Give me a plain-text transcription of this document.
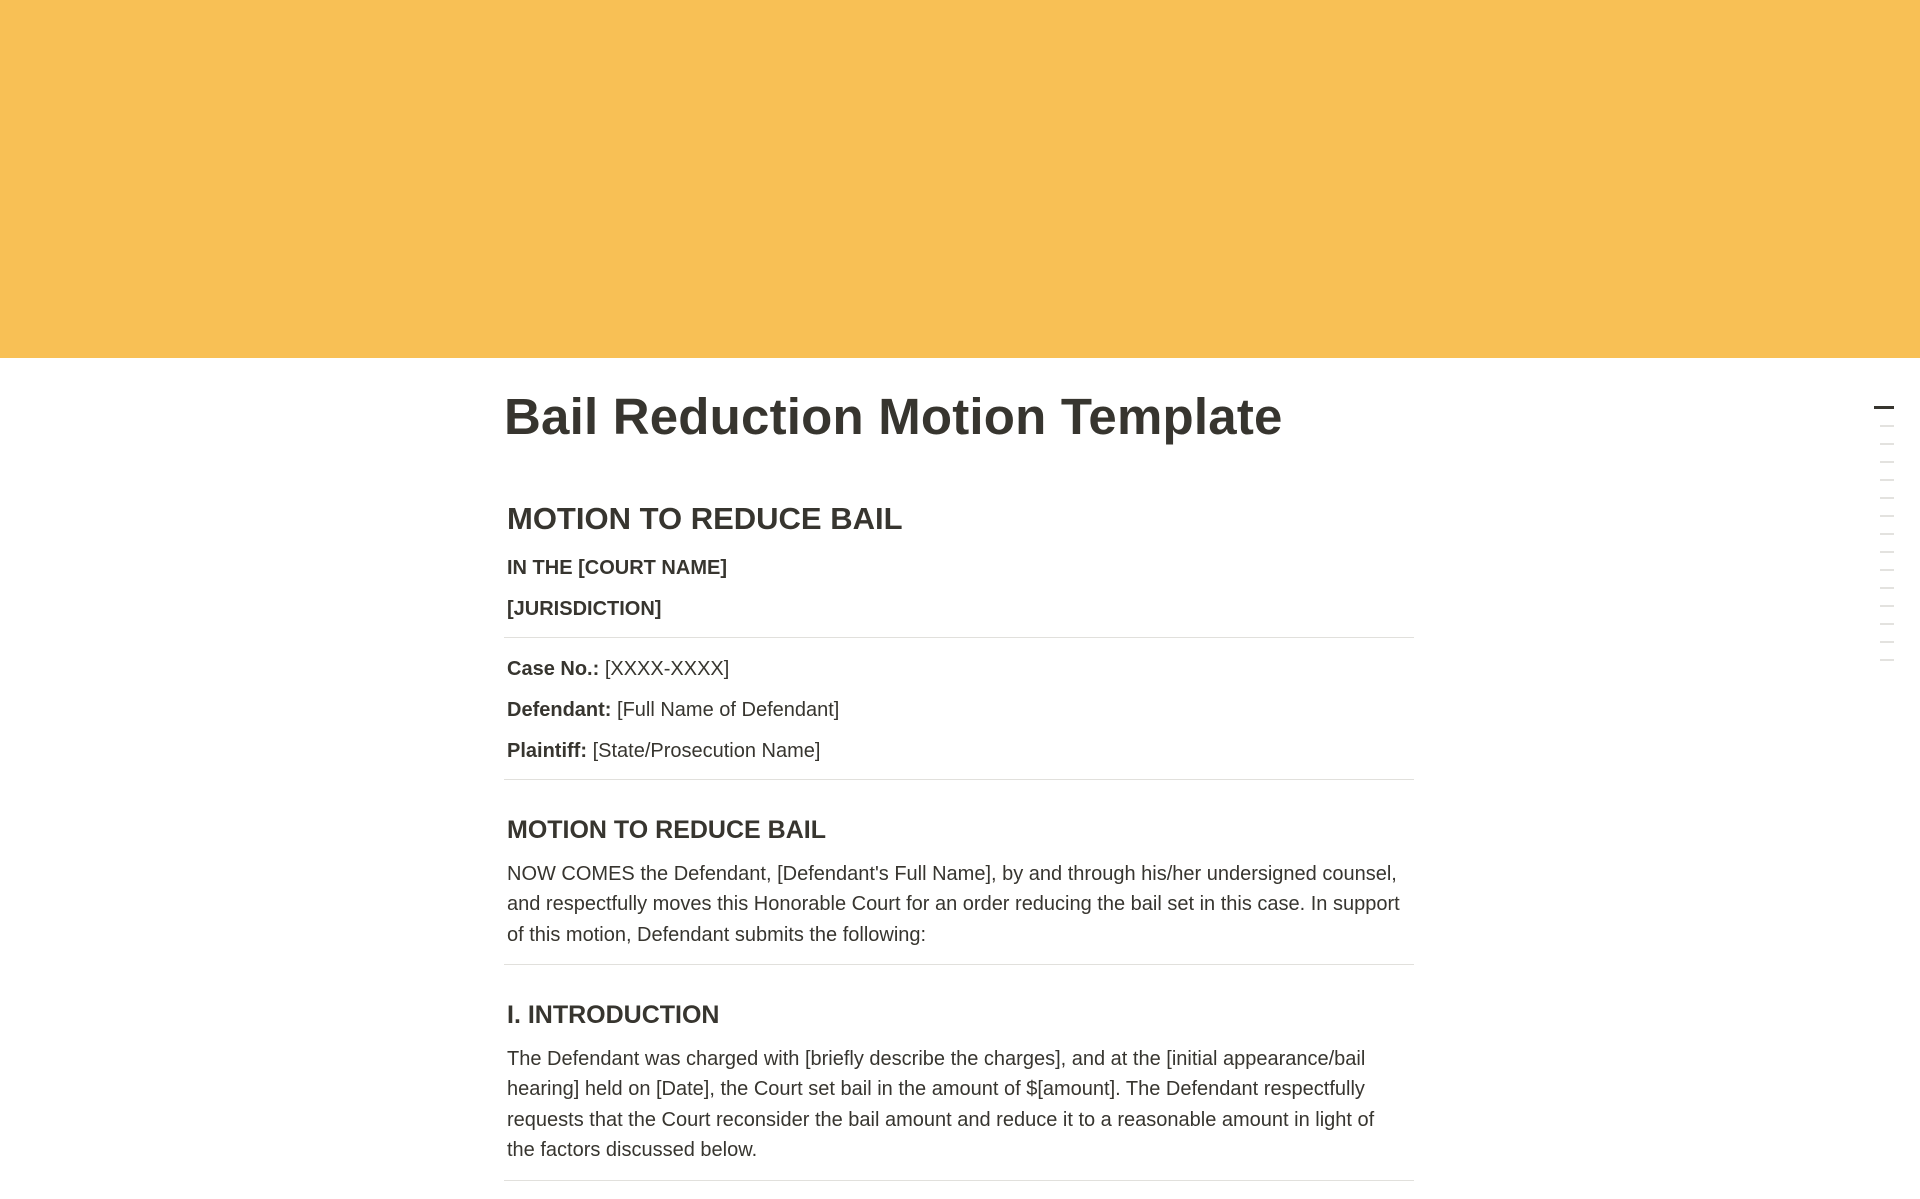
Bail Reduction Motion Template
MOTION TO REDUCE BAIL
IN THE [COURT NAME]
[JURISDICTION]

Case No.: [XXXX-XXXX]

Defendant: [Full Name of Defendant]

Plaintiff: [State/Prosecution Name]

MOTION TO REDUCE BAIL

NOW COMES the Defendant, [Defendant's Full Name], by and through his/her undersigned counsel, and respectfully moves this Honorable Court for an order reducing the bail set in this case. In support of this motion, Defendant submits the following:

I. INTRODUCTION

The Defendant was charged with [briefly describe the charges], and at the [initial appearance/bail hearing] held on [Date], the Court set bail in the amount of $[amount]. The Defendant respectfully requests that the Court reconsider the bail amount and reduce it to a reasonable amount in light of the factors discussed below.
